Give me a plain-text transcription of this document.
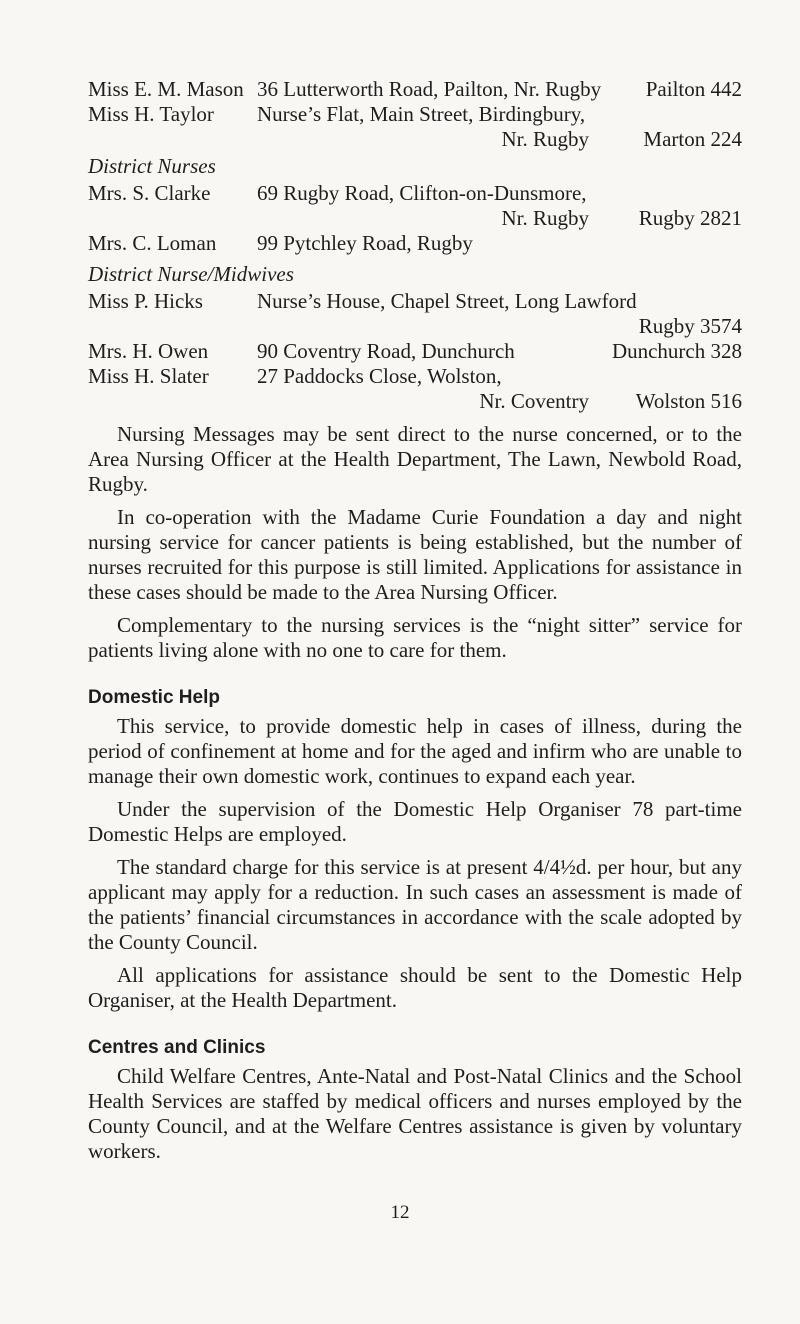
Miss E. M. Mason 36 Lutterworth Road, Pailton, Nr. Rugby	Pailton 442
Miss H. Taylor	Nurse’s Flat, Main Street, Birdingbury,
Nr. Rugby	Marton 224
District Nurses
Mrs. S. Clarke	69 Rugby Road, Clifton-on-Dunsmore,
Nr. Rugby	Rugby 2821
Mrs. C. Loman	99 Pytchley Road, Rugby
District Nurse/Midwives
Miss P. Hicks	Nurse’s House, Chapel Street, Long Lawford
Rugby 3574
Mrs. H. Owen	90 Coventry Road, Dunchurch	Dunchurch 328
Miss H. Slater	27 Paddocks Close, Wolston,
Nr. Coventry	Wolston 516

Nursing Messages may be sent direct to the nurse concerned, or to the Area Nursing Officer at the Health Department, The Lawn, Newbold Road, Rugby.

In co-operation with the Madame Curie Foundation a day and night nursing service for cancer patients is being established, but the number of nurses recruited for this purpose is still limited. Applications for assistance in these cases should be made to the Area Nursing Officer.

Complementary to the nursing services is the “night sitter” service for patients living alone with no one to care for them.

Domestic Help

This service, to provide domestic help in cases of illness, during the period of confinement at home and for the aged and infirm who are unable to manage their own domestic work, continues to expand each year.

Under the supervision of the Domestic Help Organiser 78 part-time Domestic Helps are employed.

The standard charge for this service is at present 4/4½d. per hour, but any applicant may apply for a reduction. In such cases an assessment is made of the patients’ financial circumstances in accordance with the scale adopted by the County Council.

All applications for assistance should be sent to the Domestic Help Organiser, at the Health Department.

Centres and Clinics

Child Welfare Centres, Ante-Natal and Post-Natal Clinics and the School Health Services are staffed by medical officers and nurses employed by the County Council, and at the Welfare Centres assistance is given by voluntary workers.

12
